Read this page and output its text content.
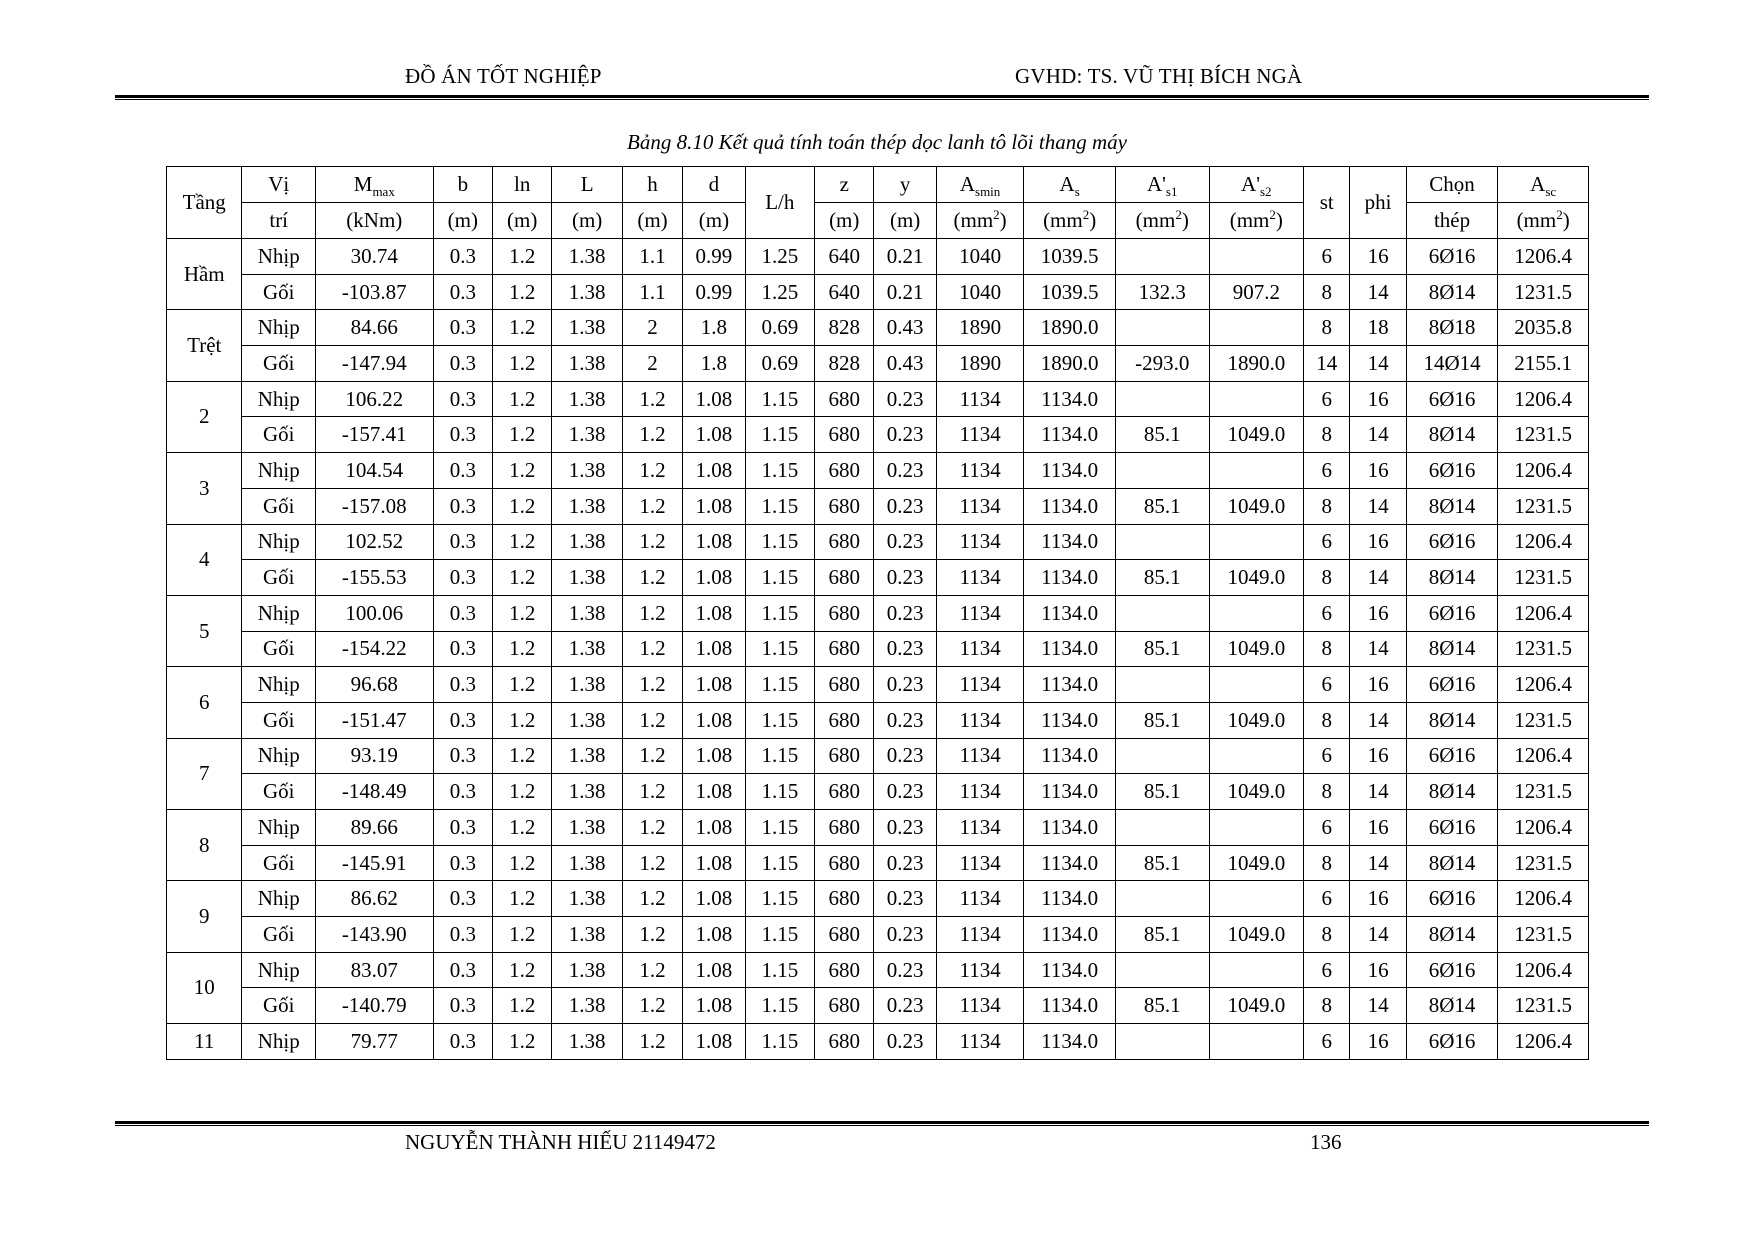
ĐỒ ÁN TỐT NGHIỆP	GVHD: TS. VŨ THỊ BÍCH NGÀ
Bảng 8.10 Kết quả tính toán thép dọc lanh tô lõi thang máy
Tầng	Vị	$M_{max}$	b	ln	L	h	d	L/h	z	y	$A_{smin}$	$A_s$	$A'_{s1}$	$A'_{s2}$	st	phi	Chọn	$A_{sc}$
	trí	(kNm)	(m)	(m)	(m)	(m)	(m)		(m)	(m)	$(mm^2)$	$(mm^2)$	$(mm^2)$	$(mm^2)$			thép	$(mm^2)$
Hầm	Nhịp	30.74	0.3	1.2	1.38	1.1	0.99	1.25	640	0.21	1040	1039.5			6	16	6Ø16	1206.4
	Gối	-103.87	0.3	1.2	1.38	1.1	0.99	1.25	640	0.21	1040	1039.5	132.3	907.2	8	14	8Ø14	1231.5
Trệt	Nhịp	84.66	0.3	1.2	1.38	2	1.8	0.69	828	0.43	1890	1890.0			8	18	8Ø18	2035.8
	Gối	-147.94	0.3	1.2	1.38	2	1.8	0.69	828	0.43	1890	1890.0	-293.0	1890.0	14	14	14Ø14	2155.1
2	Nhịp	106.22	0.3	1.2	1.38	1.2	1.08	1.15	680	0.23	1134	1134.0			6	16	6Ø16	1206.4
	Gối	-157.41	0.3	1.2	1.38	1.2	1.08	1.15	680	0.23	1134	1134.0	85.1	1049.0	8	14	8Ø14	1231.5
3	Nhịp	104.54	0.3	1.2	1.38	1.2	1.08	1.15	680	0.23	1134	1134.0			6	16	6Ø16	1206.4
	Gối	-157.08	0.3	1.2	1.38	1.2	1.08	1.15	680	0.23	1134	1134.0	85.1	1049.0	8	14	8Ø14	1231.5
4	Nhịp	102.52	0.3	1.2	1.38	1.2	1.08	1.15	680	0.23	1134	1134.0			6	16	6Ø16	1206.4
	Gối	-155.53	0.3	1.2	1.38	1.2	1.08	1.15	680	0.23	1134	1134.0	85.1	1049.0	8	14	8Ø14	1231.5
5	Nhịp	100.06	0.3	1.2	1.38	1.2	1.08	1.15	680	0.23	1134	1134.0			6	16	6Ø16	1206.4
	Gối	-154.22	0.3	1.2	1.38	1.2	1.08	1.15	680	0.23	1134	1134.0	85.1	1049.0	8	14	8Ø14	1231.5
6	Nhịp	96.68	0.3	1.2	1.38	1.2	1.08	1.15	680	0.23	1134	1134.0			6	16	6Ø16	1206.4
	Gối	-151.47	0.3	1.2	1.38	1.2	1.08	1.15	680	0.23	1134	1134.0	85.1	1049.0	8	14	8Ø14	1231.5
7	Nhịp	93.19	0.3	1.2	1.38	1.2	1.08	1.15	680	0.23	1134	1134.0			6	16	6Ø16	1206.4
	Gối	-148.49	0.3	1.2	1.38	1.2	1.08	1.15	680	0.23	1134	1134.0	85.1	1049.0	8	14	8Ø14	1231.5
8	Nhịp	89.66	0.3	1.2	1.38	1.2	1.08	1.15	680	0.23	1134	1134.0			6	16	6Ø16	1206.4
	Gối	-145.91	0.3	1.2	1.38	1.2	1.08	1.15	680	0.23	1134	1134.0	85.1	1049.0	8	14	8Ø14	1231.5
9	Nhịp	86.62	0.3	1.2	1.38	1.2	1.08	1.15	680	0.23	1134	1134.0			6	16	6Ø16	1206.4
	Gối	-143.90	0.3	1.2	1.38	1.2	1.08	1.15	680	0.23	1134	1134.0	85.1	1049.0	8	14	8Ø14	1231.5
10	Nhịp	83.07	0.3	1.2	1.38	1.2	1.08	1.15	680	0.23	1134	1134.0			6	16	6Ø16	1206.4
	Gối	-140.79	0.3	1.2	1.38	1.2	1.08	1.15	680	0.23	1134	1134.0	85.1	1049.0	8	14	8Ø14	1231.5
11	Nhịp	79.77	0.3	1.2	1.38	1.2	1.08	1.15	680	0.23	1134	1134.0			6	16	6Ø16	1206.4
NGUYỄN THÀNH HIẾU 21149472	136
